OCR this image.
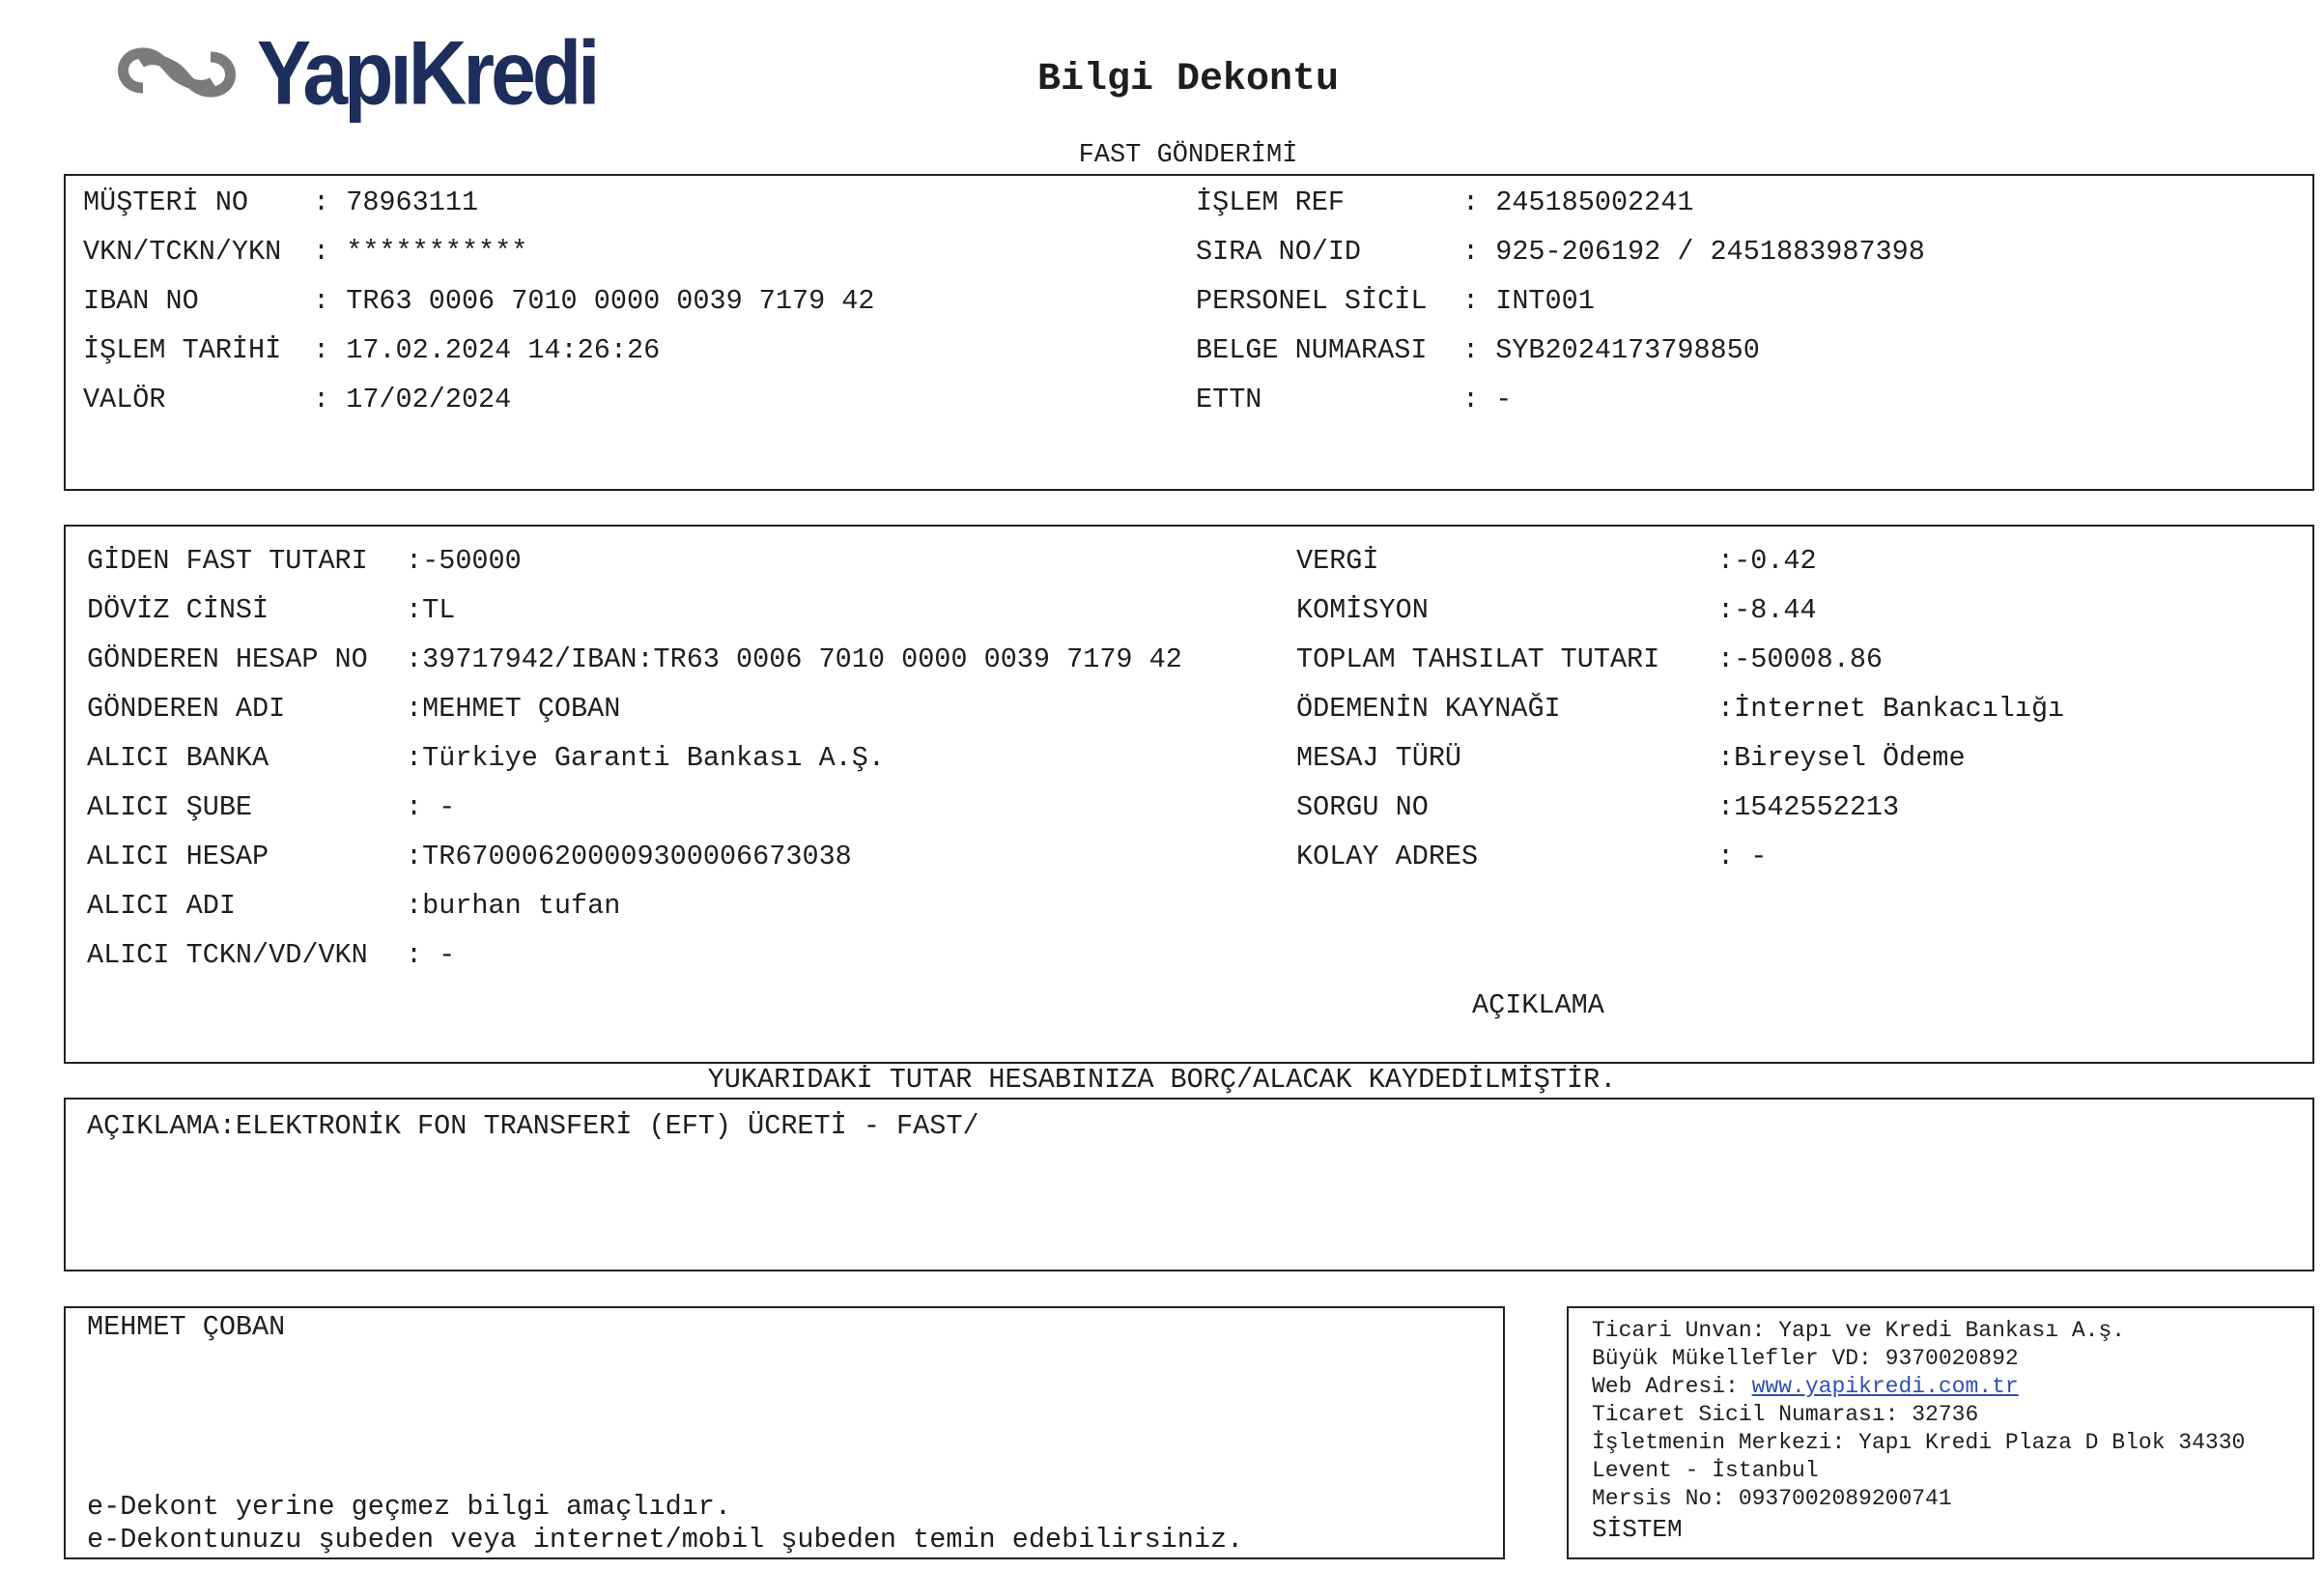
YapıKredi	Bilgi Dekontu
FAST GÖNDERİMİ
MÜŞTERİ NO : 78963111
VKN/TCKN/YKN : ***********
IBAN NO	: TR63 0006 7010 0000 0039 7179 42
İŞLEM TARİHİ : 17.02.2024 14:26:26
VALÖR	: 17/02/2024
İŞLEM REF	: 245185002241
SIRA NO/ID	: 925-206192 / 2451883987398
PERSONEL SİCİL : INT001
BELGE NUMARASI : SYB2024173798850
ETTN	: -
GİDEN FAST TUTARI :-50000
DÖVİZ CİNSİ	:TL
GÖNDEREN HESAP NO :39717942/IBAN:TR63 0006 7010 0000 0039 7179 42
GÖNDEREN ADI	:MEHMET ÇOBAN
ALICI BANKA	:Türkiye Garanti Bankası A.Ş.
ALICI ŞUBE	: -
ALICI HESAP	:TR670006200009300006673038
ALICI ADI	:burhan tufan
ALICI TCKN/VD/VKN : -
VERGİ	:-0.42
KOMİSYON	:-8.44
TOPLAM TAHSILAT TUTARI :-50008.86
ÖDEMENİN KAYNAĞI	:İnternet Bankacılığı
MESAJ TÜRÜ	:Bireysel Ödeme
SORGU NO	:1542552213
KOLAY ADRES	: -
AÇIKLAMA
YUKARIDAKİ TUTAR HESABINIZA BORÇ/ALACAK KAYDEDİLMİŞTİR.
AÇIKLAMA:ELEKTRONİK FON TRANSFERİ (EFT) ÜCRETİ - FAST/
MEHMET ÇOBAN
e-Dekont yerine geçmez bilgi amaçlıdır.
e-Dekontunuzu şubeden veya internet/mobil şubeden temin edebilirsiniz.
Ticari Unvan: Yapı ve Kredi Bankası A.ş.
Büyük Mükellefler VD: 9370020892
Web Adresi: www.yapikredi.com.tr
Ticaret Sicil Numarası: 32736
İşletmenin Merkezi: Yapı Kredi Plaza D Blok 34330
Levent - İstanbul
Mersis No: 0937002089200741
SİSTEM
